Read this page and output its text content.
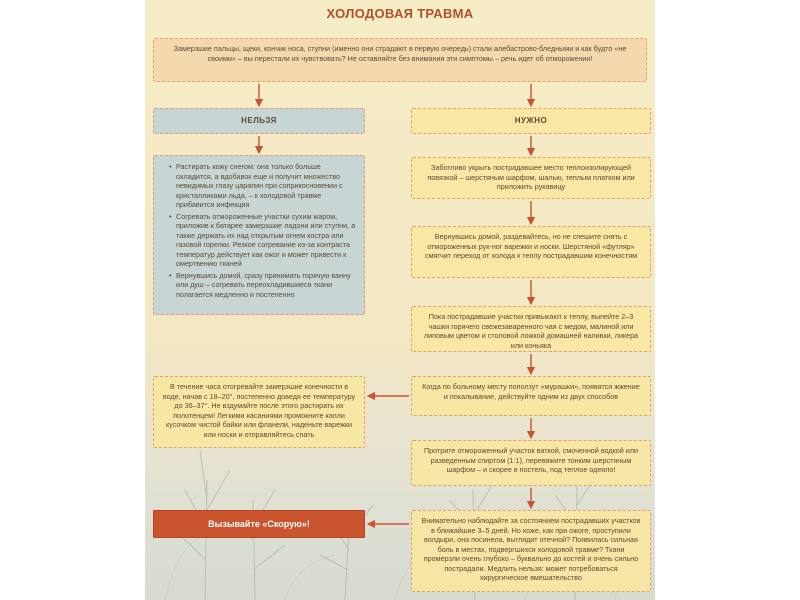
ХОЛОДОВАЯ ТРАВМА
Замерзшие пальцы, щеки, кончик носа, ступни (именно они страдают в первую очередь) стали алебастрово-бледными и как будто «не своими» – вы перестали их чувствовать? Не оставляйте без внимания эти симптомы – речь идет об отморожении!
НЕЛЬЗЯ	НУЖНО
• Растирать кожу снегом: она только больше охладится, а вдобавок еще и получит множество невидимых глазу царапин при соприкосновении с кристалликами льда, – к холодовой травме прибавится инфекция
• Согревать отмороженные участки сухим жаром, приложив к батарее замерзшие ладони или ступни, а также держать их над открытым огнем костра или газовой горелки. Резкое согревание из-за контраста температур действует как ожог и может привести к омертвению тканей
• Вернувшись домой, сразу принимать горячую ванну или душ – согревать переохладившиеся ткани полагается медленно и постепенно
Заботливо укрыть пострадавшее место теплоизолирующей повязкой – шерстяным шарфом, шалью, теплым платком или приложить рукавицу
Вернувшись домой, раздевайтесь, но не спешите снять с отмороженных рук-ног варежки и носки. Шерстяной «футляр» смягчит переход от холода к теплу пострадавшим конечностям
Пока пострадавшие участки привыкают к теплу, выпейте 2–3 чашки горячего свежезаваренного чая с медом, малиной или липовым цветом и столовой ложкой домашней наливки, ликера или коньяка
Когда по больному месту поползут «мурашки», появятся жжение и покалывание, действуйте одним из двух способов
В течение часа отогревайте замерзшие конечности в воде, начав с 18–20°, постепенно доведя ее температуру до 36–37°. Не вздумайте после этого растирать их полотенцем! Легкими касаниями промокните капли кусочком чистой байки или фланели, наденьте варежки или носки и отправляйтесь спать
Протрите отмороженный участок ваткой, смоченной водкой или разведенным спиртом (1:1), перевяжите тонким шерстяным шарфом – и скорее в постель, под теплое одеяло!
Вызывайте «Скорую»!	Внимательно наблюдайте за состоянием пострадавших участков в ближайшие 3–5 дней. Но коже, как при ожоге, проступили волдыри, она посинела, выглядит отечной? Появилась сильная боль в местах, подвергшихся холодовой травме? Ткани промерзли очень глубоко – буквально до костей и очень сильно пострадали. Медлить нельзя: может потребоваться хирургическое вмешательство
